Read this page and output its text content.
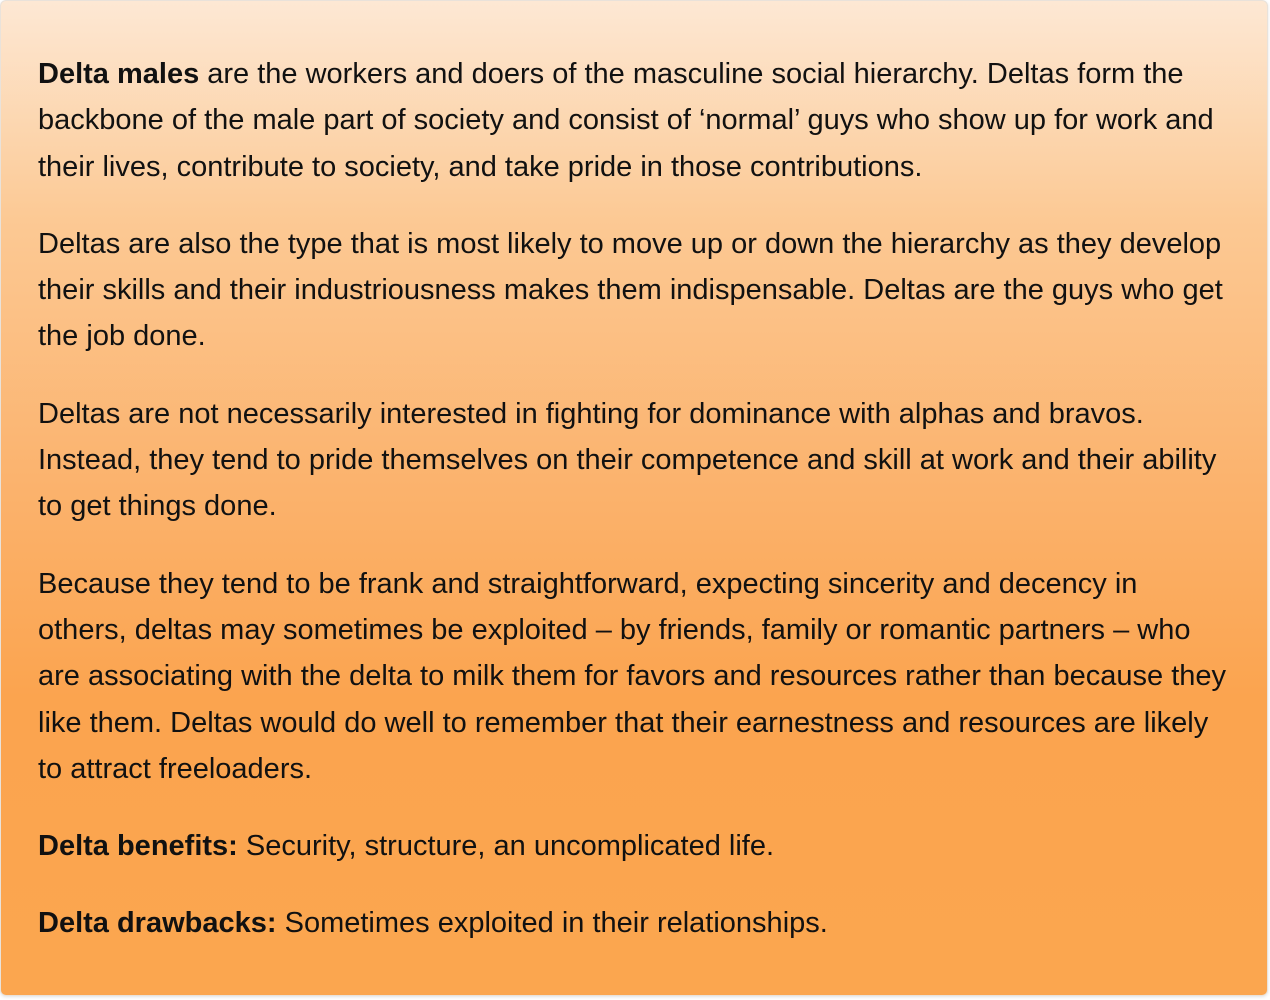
Delta males are the workers and doers of the masculine social hierarchy. Deltas form the backbone of the male part of society and consist of ‘normal’ guys who show up for work and their lives, contribute to society, and take pride in those contributions.

Deltas are also the type that is most likely to move up or down the hierarchy as they develop their skills and their industriousness makes them indispensable. Deltas are the guys who get the job done.

Deltas are not necessarily interested in fighting for dominance with alphas and bravos. Instead, they tend to pride themselves on their competence and skill at work and their ability to get things done.

Because they tend to be frank and straightforward, expecting sincerity and decency in others, deltas may sometimes be exploited – by friends, family or romantic partners – who are associating with the delta to milk them for favors and resources rather than because they like them. Deltas would do well to remember that their earnestness and resources are likely to attract freeloaders.

Delta benefits: Security, structure, an uncomplicated life.

Delta drawbacks: Sometimes exploited in their relationships.
